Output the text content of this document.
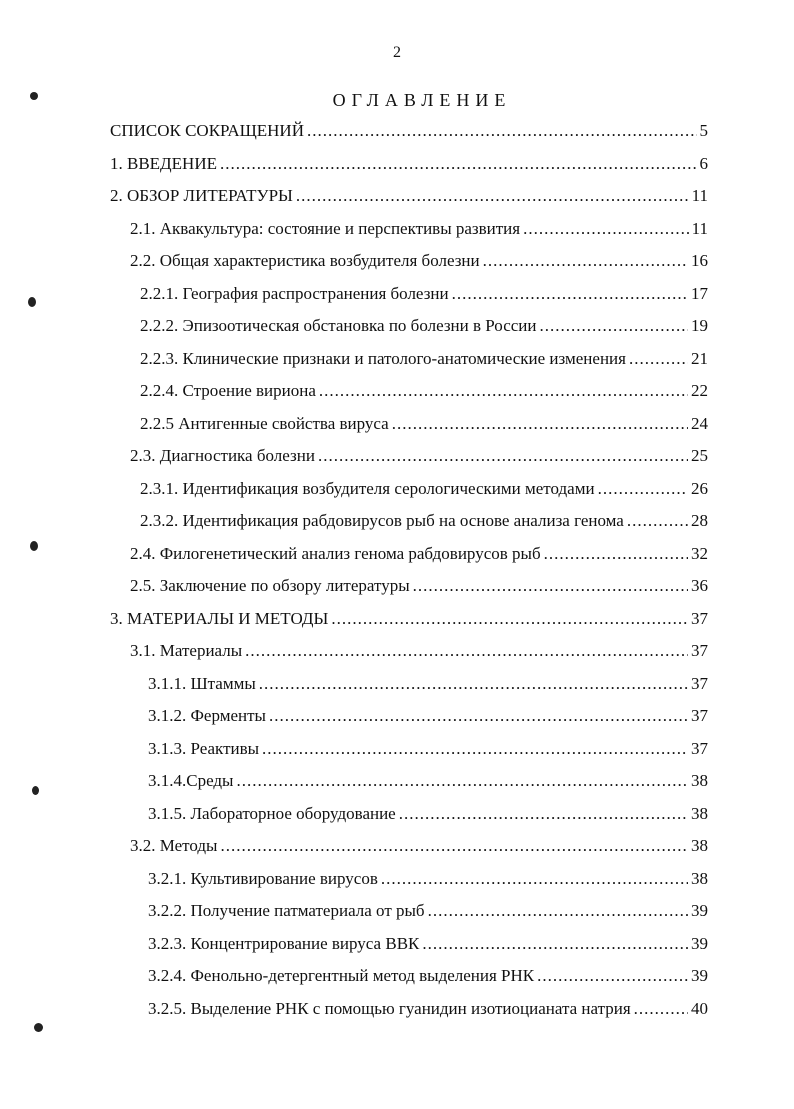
2
ОГЛАВЛЕНИЕ
СПИСОК СОКРАЩЕНИЙ .....	5
1. ВВЕДЕНИЕ .....	6
2. ОБЗОР ЛИТЕРАТУРЫ .....	11
2.1. Аквакультура: состояние и перспективы развития .....	11
2.2. Общая характеристика возбудителя болезни .....	16
2.2.1. География распространения болезни .....	17
2.2.2. Эпизоотическая обстановка по болезни в России .....	19
2.2.3. Клинические признаки и патолого-анатомические изменения .....	21
2.2.4. Строение вириона .....	22
2.2.5 Антигенные свойства вируса .....	24
2.3. Диагностика болезни .....	25
2.3.1. Идентификация возбудителя серологическими методами .....	26
2.3.2. Идентификация рабдовирусов рыб на основе анализа генома .....	28
2.4. Филогенетический анализ генома рабдовирусов рыб .....	32
2.5. Заключение по обзору литературы .....	36
3. МАТЕРИАЛЫ И МЕТОДЫ .....	37
3.1. Материалы .....	37
3.1.1. Штаммы .....	37
3.1.2. Ферменты .....	37
3.1.3. Реактивы .....	37
3.1.4.Среды .....	38
3.1.5. Лабораторное оборудование .....	38
3.2. Методы .....	38
3.2.1. Культивирование вирусов .....	38
3.2.2. Получение патматериала от рыб .....	39
3.2.3. Концентрирование вируса ВВК .....	39
3.2.4. Фенольно-детергентный метод выделения РНК .....	39
3.2.5. Выделение РНК с помощью гуанидин изотиоцианата натрия .....	40
